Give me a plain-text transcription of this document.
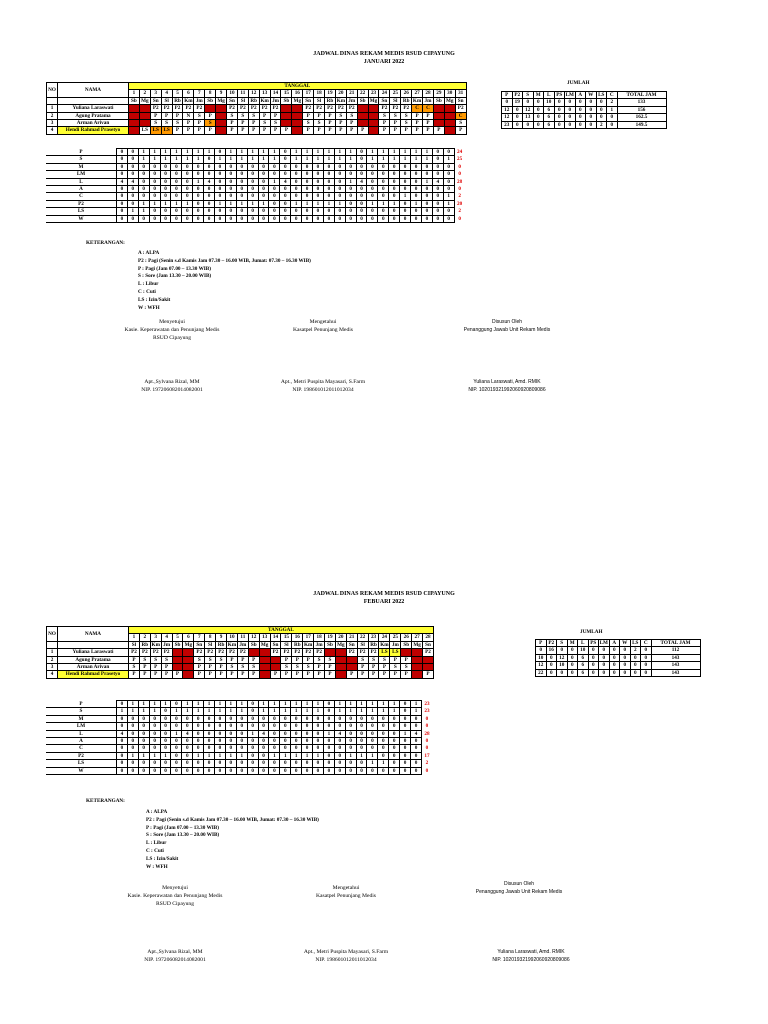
JADWAL DINAS REKAM MEDIS RSUD CIPAYUNG
JANUARI 2022
JUMLAH
NO	NAMA	TANGGAL																														
		1	2	3	4	5	6	7	8	9	10	11	12	13	14	15	16	17	18	19	20	21	22	23	24	25	26	27	28	29	30	31
		Sb	Mg	Sn	Sl	Rb	Km	Jm	Sb	Mg	Sn	Sl	Rb	Km	Jm	Sb	Mg	Sn	Sl	Rb	Km	Jm	Sb	Mg	Sn	Sl	Rb	Km	Jm	Sb	Mg	Sn
1	Yuliana Laraswati	M	L	P2	P2	P2	P2	P2	M	L	P2	P2	P2	P2	P2	M	L	P2	P2	P2	P2	P2	M	L	P2	P2	P2	C	C	M	L	P2
2	Agung Pratama	L	M	P	P	P	N	S	P	L	S	S	S	P	P	L	M	P	P	P	S	S	L	M	S	S	S	P	P	L	M	C
3	Arman Arivan	S	S	S	S	S	P	P	S	S	P	P	P	S	S	S	S	S	S	P	P	P	S	S	P	P	S	P	P	S	S	S
4	Hendi Rahmad Prasetyo	P	LS	LS	LS	P	P	P	P	P	P	P	P	P	P	P	P	P	P	P	P	P	P	P	P	P	P	P	P	P	P	P
P	P2	S	M	L	PS	LM	A	W	LS	C	TOTAL JAM
0	19	0	0	10	0	0	0	0	0	2	133
12	0	12	0	6	0	0	0	0	0	1	156
12	0	13	0	6	0	0	0	0	0	0	162.5
23	0	0	0	6	0	0	0	0	2	0	149.5
P	0	0	1	1	1	1	1	1	1	0	1	1	1	1	1	0	1	1	1	1	1	1	0	1	1	1	1	1	1	0	0	24
S	0	0	1	1	1	1	1	1	0	1	1	1	1	1	1	0	1	1	1	1	1	1	0	1	1	1	1	1	1	0	1	25
M	0	0	0	0	0	0	0	0	0	0	0	0	0	0	0	0	0	0	0	0	0	0	0	0	0	0	0	0	0	0	0	0
LM	0	0	0	0	0	0	0	0	0	0	0	0	0	0	0	0	0	0	0	0	0	0	0	0	0	0	0	0	0	0	0	0
L	4	4	0	0	0	0	0	1	4	0	0	0	0	0	1	4	0	0	0	0	0	1	4	0	0	0	0	0	1	4	0	28
A	0	0	0	0	0	0	0	0	0	0	0	0	0	0	0	0	0	0	0	0	0	0	0	0	0	0	0	0	0	0	0	0
C	0	0	0	0	0	0	0	0	0	0	0	0	0	0	0	0	0	0	0	0	0	0	0	0	0	0	1	0	0	0	1	2
P2	0	0	1	1	1	1	1	0	0	1	1	1	1	1	0	0	1	1	1	1	1	0	0	1	1	1	0	1	0	0	1	20
LS	0	1	1	0	0	0	0	0	0	0	0	0	0	0	0	0	0	0	0	0	0	0	0	0	0	0	0	0	0	0	0	2
W	0	0	0	0	0	0	0	0	0	0	0	0	0	0	0	0	0	0	0	0	0	0	0	0	0	0	0	0	0	0	0	0
KETERANGAN:
A : ALPA
P2 : Pagi (Senin s.d Kamis Jam 07.30 – 16.00 WIB, Jumat: 07.30 – 16.30 WIB)
P : Pagi (Jam 07.00 – 13.30 WIB)
S : Sore (Jam 13.30 – 20.00 WIB)
L : Libur
C : Cuti
LS : Izin/Sakit
W : WFH
Menyetujui
Kasie. Keperawatan dan Penunjang Medis
RSUD Cipayung
Mengetahui
Kasatpel Penunjang Medis
Disusun Oleh
Penanggung Jawab Unit Rekam Medis
Apt.,Sylvana Rizal, MM
NIP. 197206082014082001
Apt., Metri Puspita Mayasari, S.Farm
NIP. 198601012011012034
Yuliana Laraswati, Amd. RMIK
NIP. 102019321992060920809086
JADWAL DINAS REKAM MEDIS RSUD CIPAYUNG
FEBUARI 2022
JUMLAH
NO	NAMA	TANGGAL																											
		1	2	3	4	5	6	7	8	9	10	11	12	13	14	15	16	17	18	19	20	21	22	23	24	25	26	27	28
		Sl	Rb	Km	Jm	Sb	Mg	Sn	Sl	Rb	Km	Jm	Sb	Mg	Sn	Sl	Rb	Km	Jm	Sb	Mg	Sn	Sl	Rb	Km	Jm	Sb	Mg	Sn
1	Yuliana Laraswati	P2	P2	P2	P2	M	L	P2	P2	P2	P2	P2	M	L	P2	P2	P2	P2	P2	M	L	P2	P2	P2	LS	LS	M	L	P2
2	Agung Pratama	P	S	S	S	L	M	S	S	S	P	P	P	L	M	P	P	P	S	S	L	M	S	S	S	P	P	L	M
3	Arman Arivan	S	P	P	P	S	S	P	P	P	S	S	S	S	S	S	S	S	P	P	S	S	P	P	P	S	S	S	S
4	Hendi Rahmad Prasetyo	P	P	P	P	P	P	P	P	P	P	P	P	P	P	P	P	P	P	P	P	P	P	P	P	P	P	P	P
P	P2	S	M	L	PS	LM	A	W	LS	C	TOTAL JAM
0	16	0	0	10	0	0	0	0	2	0	112
10	0	12	0	6	0	0	0	0	0	0	143
12	0	10	0	6	0	0	0	0	0	0	143
22	0	0	0	6	0	0	0	0	0	0	143
P	0	1	1	1	1	0	1	1	1	1	1	1	0	1	1	1	1	1	1	0	1	1	1	1	1	1	0	1	23
S	1	1	1	1	0	1	1	1	1	1	1	1	0	1	1	1	1	1	1	0	1	1	1	1	1	1	0	1	23
M	0	0	0	0	0	0	0	0	0	0	0	0	0	0	0	0	0	0	0	0	0	0	0	0	0	0	0	0	0
LM	0	0	0	0	0	0	0	0	0	0	0	0	0	0	0	0	0	0	0	0	0	0	0	0	0	0	0	0	0
L	4	0	0	0	0	1	4	0	0	0	0	0	1	4	0	0	0	0	0	1	4	0	0	0	0	0	1	4	28
A	0	0	0	0	0	0	0	0	0	0	0	0	0	0	0	0	0	0	0	0	0	0	0	0	0	0	0	0	0
C	0	0	0	0	0	0	0	0	0	0	0	0	0	0	0	0	0	0	0	0	0	0	0	0	0	0	0	0	0
P2	0	1	1	1	1	0	0	1	1	1	1	1	0	0	1	1	1	1	1	0	0	1	1	1	0	0	0	0	17
LS	0	0	0	0	0	0	0	0	0	0	0	0	0	0	0	0	0	0	0	0	0	0	0	1	1	0	0	0	2
W	0	0	0	0	0	0	0	0	0	0	0	0	0	0	0	0	0	0	0	0	0	0	0	0	0	0	0	0	0
KETERANGAN:
A : ALPA
P2 : Pagi (Senin s.d Kamis Jam 07.30 – 16.00 WIB, Jumat: 07.30 – 16.30 WIB)
P : Pagi (Jam 07.00 – 13.30 WIB)
S : Sore (Jam 13.30 – 20.00 WIB)
L : Libur
C : Cuti
LS : Izin/Sakit
W : WFH
Menyetujui
Kasie. Keperawatan dan Penunjang Medis
RSUD Cipayung
Mengetahui
Kasatpel Penunjang Medis
Disusun Oleh
Penanggung Jawab Unit Rekam Medis
Apt.,Sylvana Rizal, MM
NIP. 197206082014082001
Apt., Metri Puspita Mayasari, S.Farm
NIP. 198601012011012034
Yuliana Laraswati, Amd. RMIK
NIP. 102019321992060920809086
